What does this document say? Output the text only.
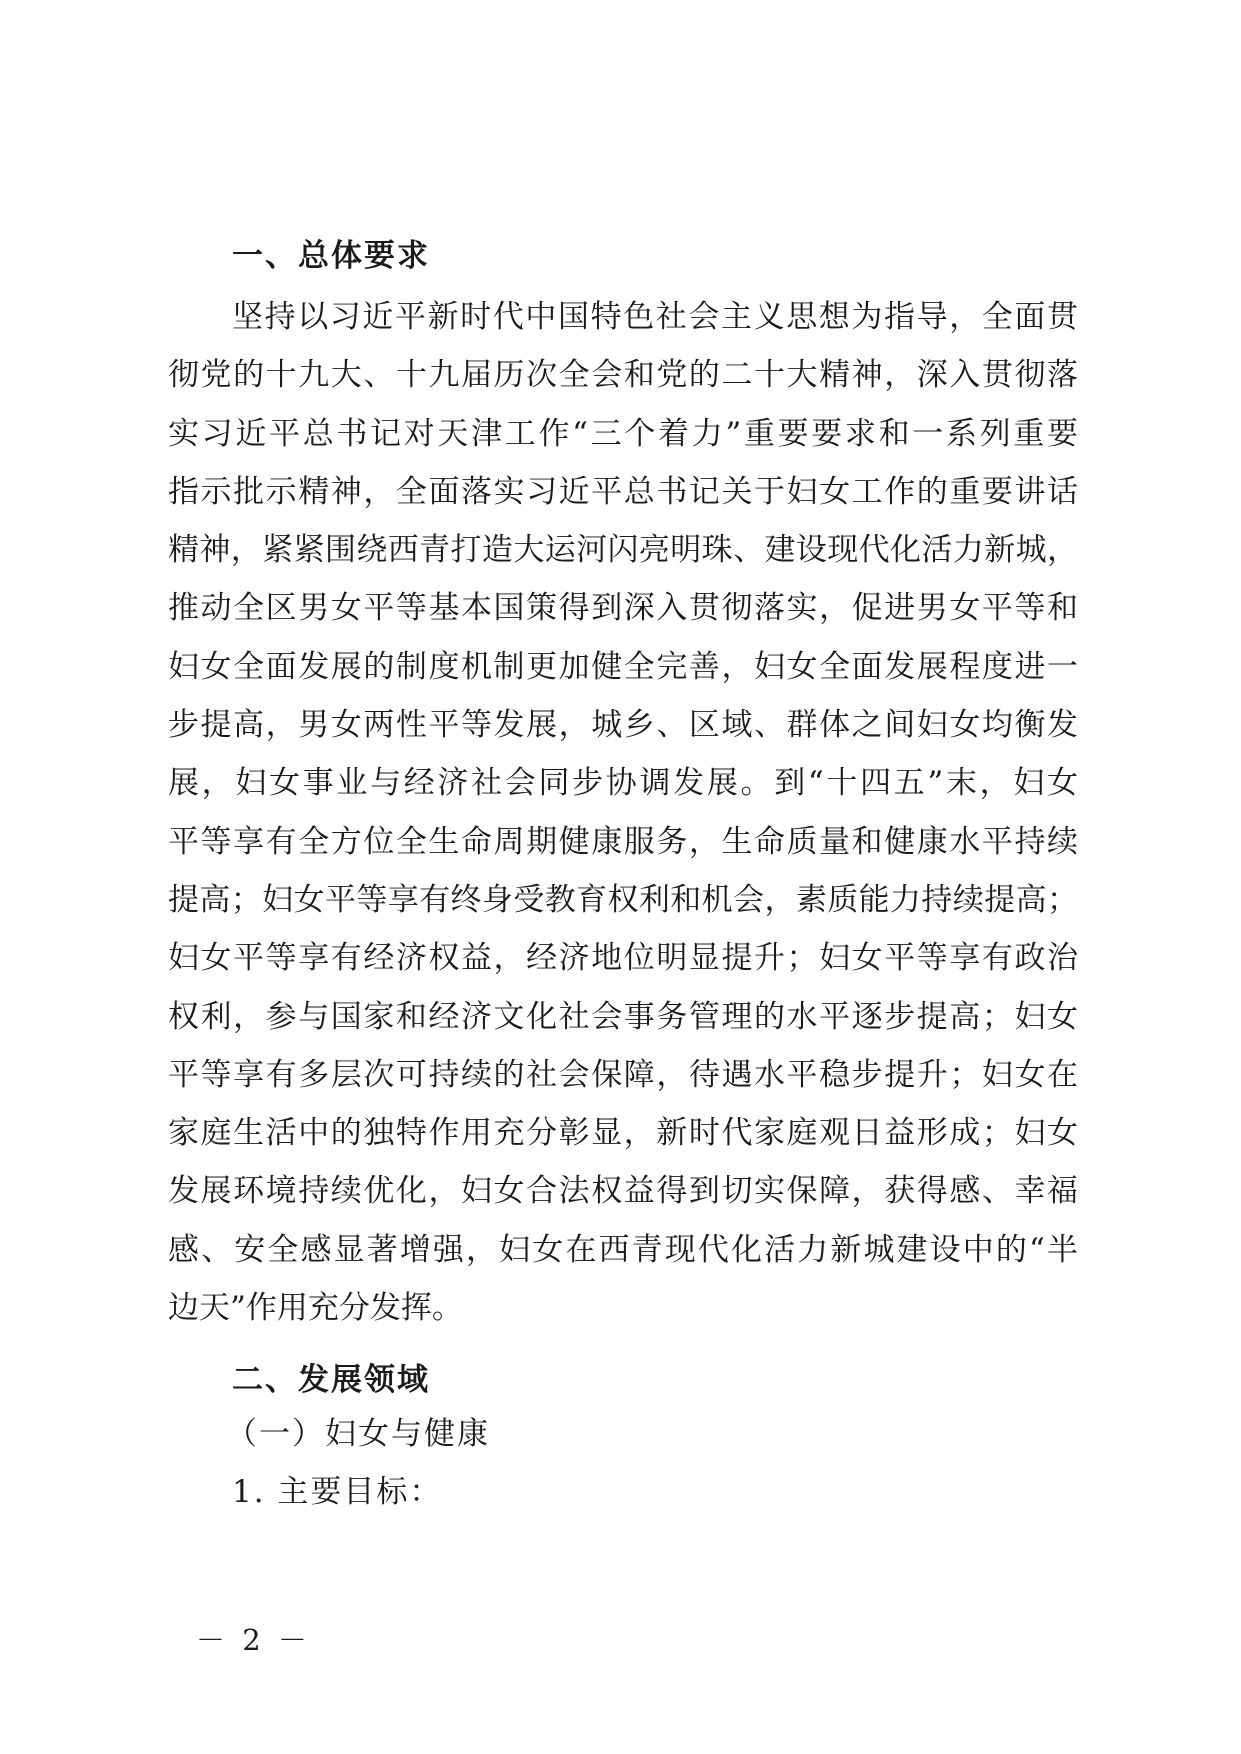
一、总体要求
坚持以习近平新时代中国特色社会主义思想为指导，全面贯
彻党的十九大、十九届历次全会和党的二十大精神，深入贯彻落
实习近平总书记对天津工作“三个着力”重要要求和一系列重要
指示批示精神，全面落实习近平总书记关于妇女工作的重要讲话
精神，紧紧围绕西青打造大运河闪亮明珠、建设现代化活力新城，
推动全区男女平等基本国策得到深入贯彻落实，促进男女平等和
妇女全面发展的制度机制更加健全完善，妇女全面发展程度进一
步提高，男女两性平等发展，城乡、区域、群体之间妇女均衡发
展，妇女事业与经济社会同步协调发展。到“十四五”末，妇女
平等享有全方位全生命周期健康服务，生命质量和健康水平持续
提高；妇女平等享有终身受教育权利和机会，素质能力持续提高；
妇女平等享有经济权益，经济地位明显提升；妇女平等享有政治
权利，参与国家和经济文化社会事务管理的水平逐步提高；妇女
平等享有多层次可持续的社会保障，待遇水平稳步提升；妇女在
家庭生活中的独特作用充分彰显，新时代家庭观日益形成；妇女
发展环境持续优化，妇女合法权益得到切实保障，获得感、幸福
感、安全感显著增强，妇女在西青现代化活力新城建设中的“半
边天”作用充分发挥。
二、发展领域
（一）妇女与健康
1. 主要目标：
－ 2 －
